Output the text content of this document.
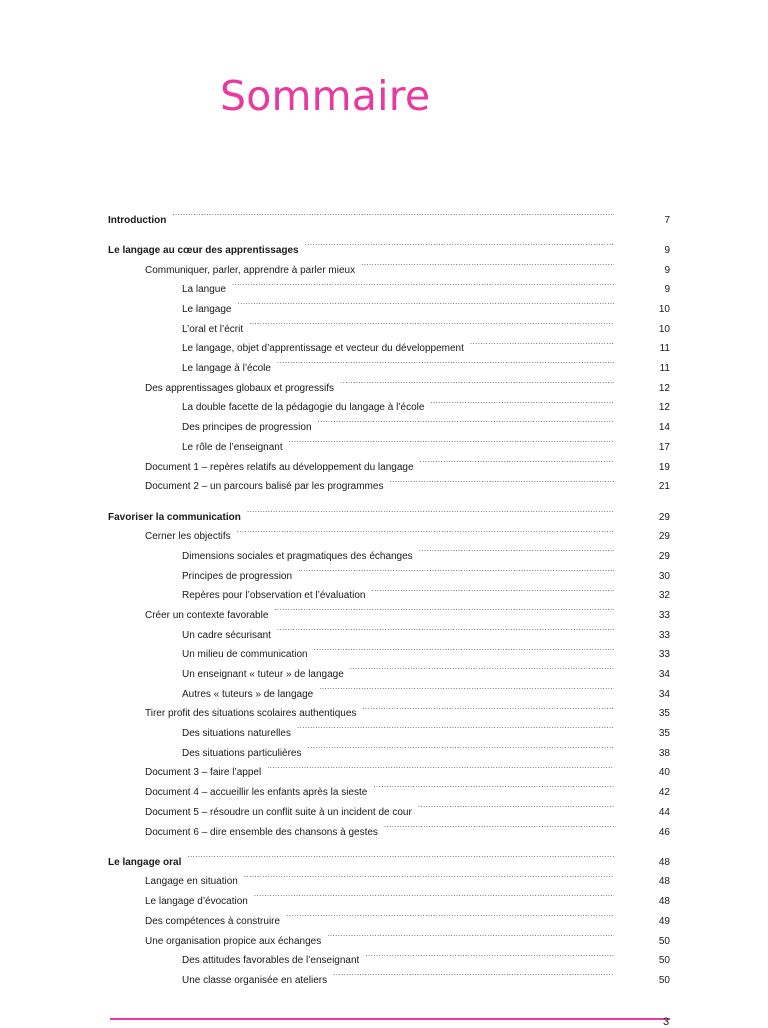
Sommaire
Introduction .....	7
Le langage au cœur des apprentissages .....	9
Communiquer, parler, apprendre à parler mieux .....	9
La langue .....	9
Le langage .....	10
L’oral et l’écrit .....	10
Le langage, objet d’apprentissage et vecteur du développement .....	11
Le langage à l’école .....	11
Des apprentissages globaux et progressifs .....	12
La double facette de la pédagogie du langage à l’école .....	12
Des principes de progression .....	14
Le rôle de l’enseignant .....	17
Document 1 – repères relatifs au développement du langage .....	19
Document 2 – un parcours balisé par les programmes .....	21
Favoriser la communication .....	29
Cerner les objectifs .....	29
Dimensions sociales et pragmatiques des échanges .....	29
Principes de progression .....	30
Repères pour l’observation et l’évaluation .....	32
Créer un contexte favorable .....	33
Un cadre sécurisant .....	33
Un milieu de communication .....	33
Un enseignant « tuteur » de langage .....	34
Autres « tuteurs » de langage .....	34
Tirer profit des situations scolaires authentiques .....	35
Des situations naturelles .....	35
Des situations particulières .....	38
Document 3 – faire l’appel .....	40
Document 4 – accueillir les enfants après la sieste .....	42
Document 5 – résoudre un conflit suite à un incident de cour .....	44
Document 6 – dire ensemble des chansons à gestes .....	46
Le langage oral .....	48
Langage en situation .....	48
Le langage d’évocation .....	48
Des compétences à construire .....	49
Une organisation propice aux échanges .....	50
Des attitudes favorables de l’enseignant .....	50
Une classe organisée en ateliers .....	50
3
